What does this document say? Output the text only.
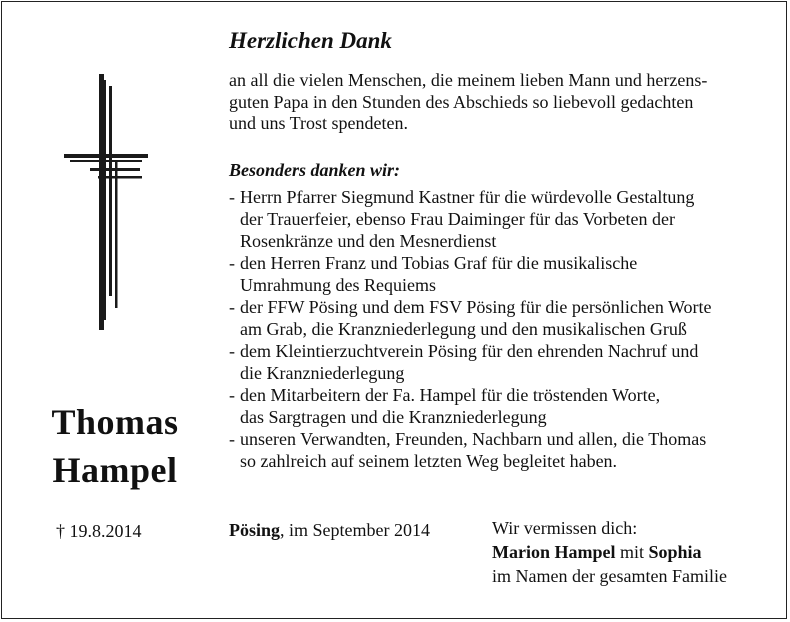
Thomas
Hampel
† 19.8.2014
Herzlichen Dank

an all die vielen Menschen, die meinem lieben Mann und herzens-
guten Papa in den Stunden des Abschieds so liebevoll gedachten
und uns Trost spendeten.

Besonders danken wir:
- Herrn Pfarrer Siegmund Kastner für die würdevolle Gestaltung
der Trauerfeier, ebenso Frau Daiminger für das Vorbeten der
Rosenkränze und den Mesnerdienst
- den Herren Franz und Tobias Graf für die musikalische
Umrahmung des Requiems
- der FFW Pösing und dem FSV Pösing für die persönlichen Worte
am Grab, die Kranzniederlegung und den musikalischen Gruß
- dem Kleintierzuchtverein Pösing für den ehrenden Nachruf und
die Kranzniederlegung
- den Mitarbeitern der Fa. Hampel für die tröstenden Worte,
das Sargtragen und die Kranzniederlegung
- unseren Verwandten, Freunden, Nachbarn und allen, die Thomas
so zahlreich auf seinem letzten Weg begleitet haben.
Pösing, im September 2014	Wir vermissen dich:
Marion Hampel mit Sophia
im Namen der gesamten Familie
